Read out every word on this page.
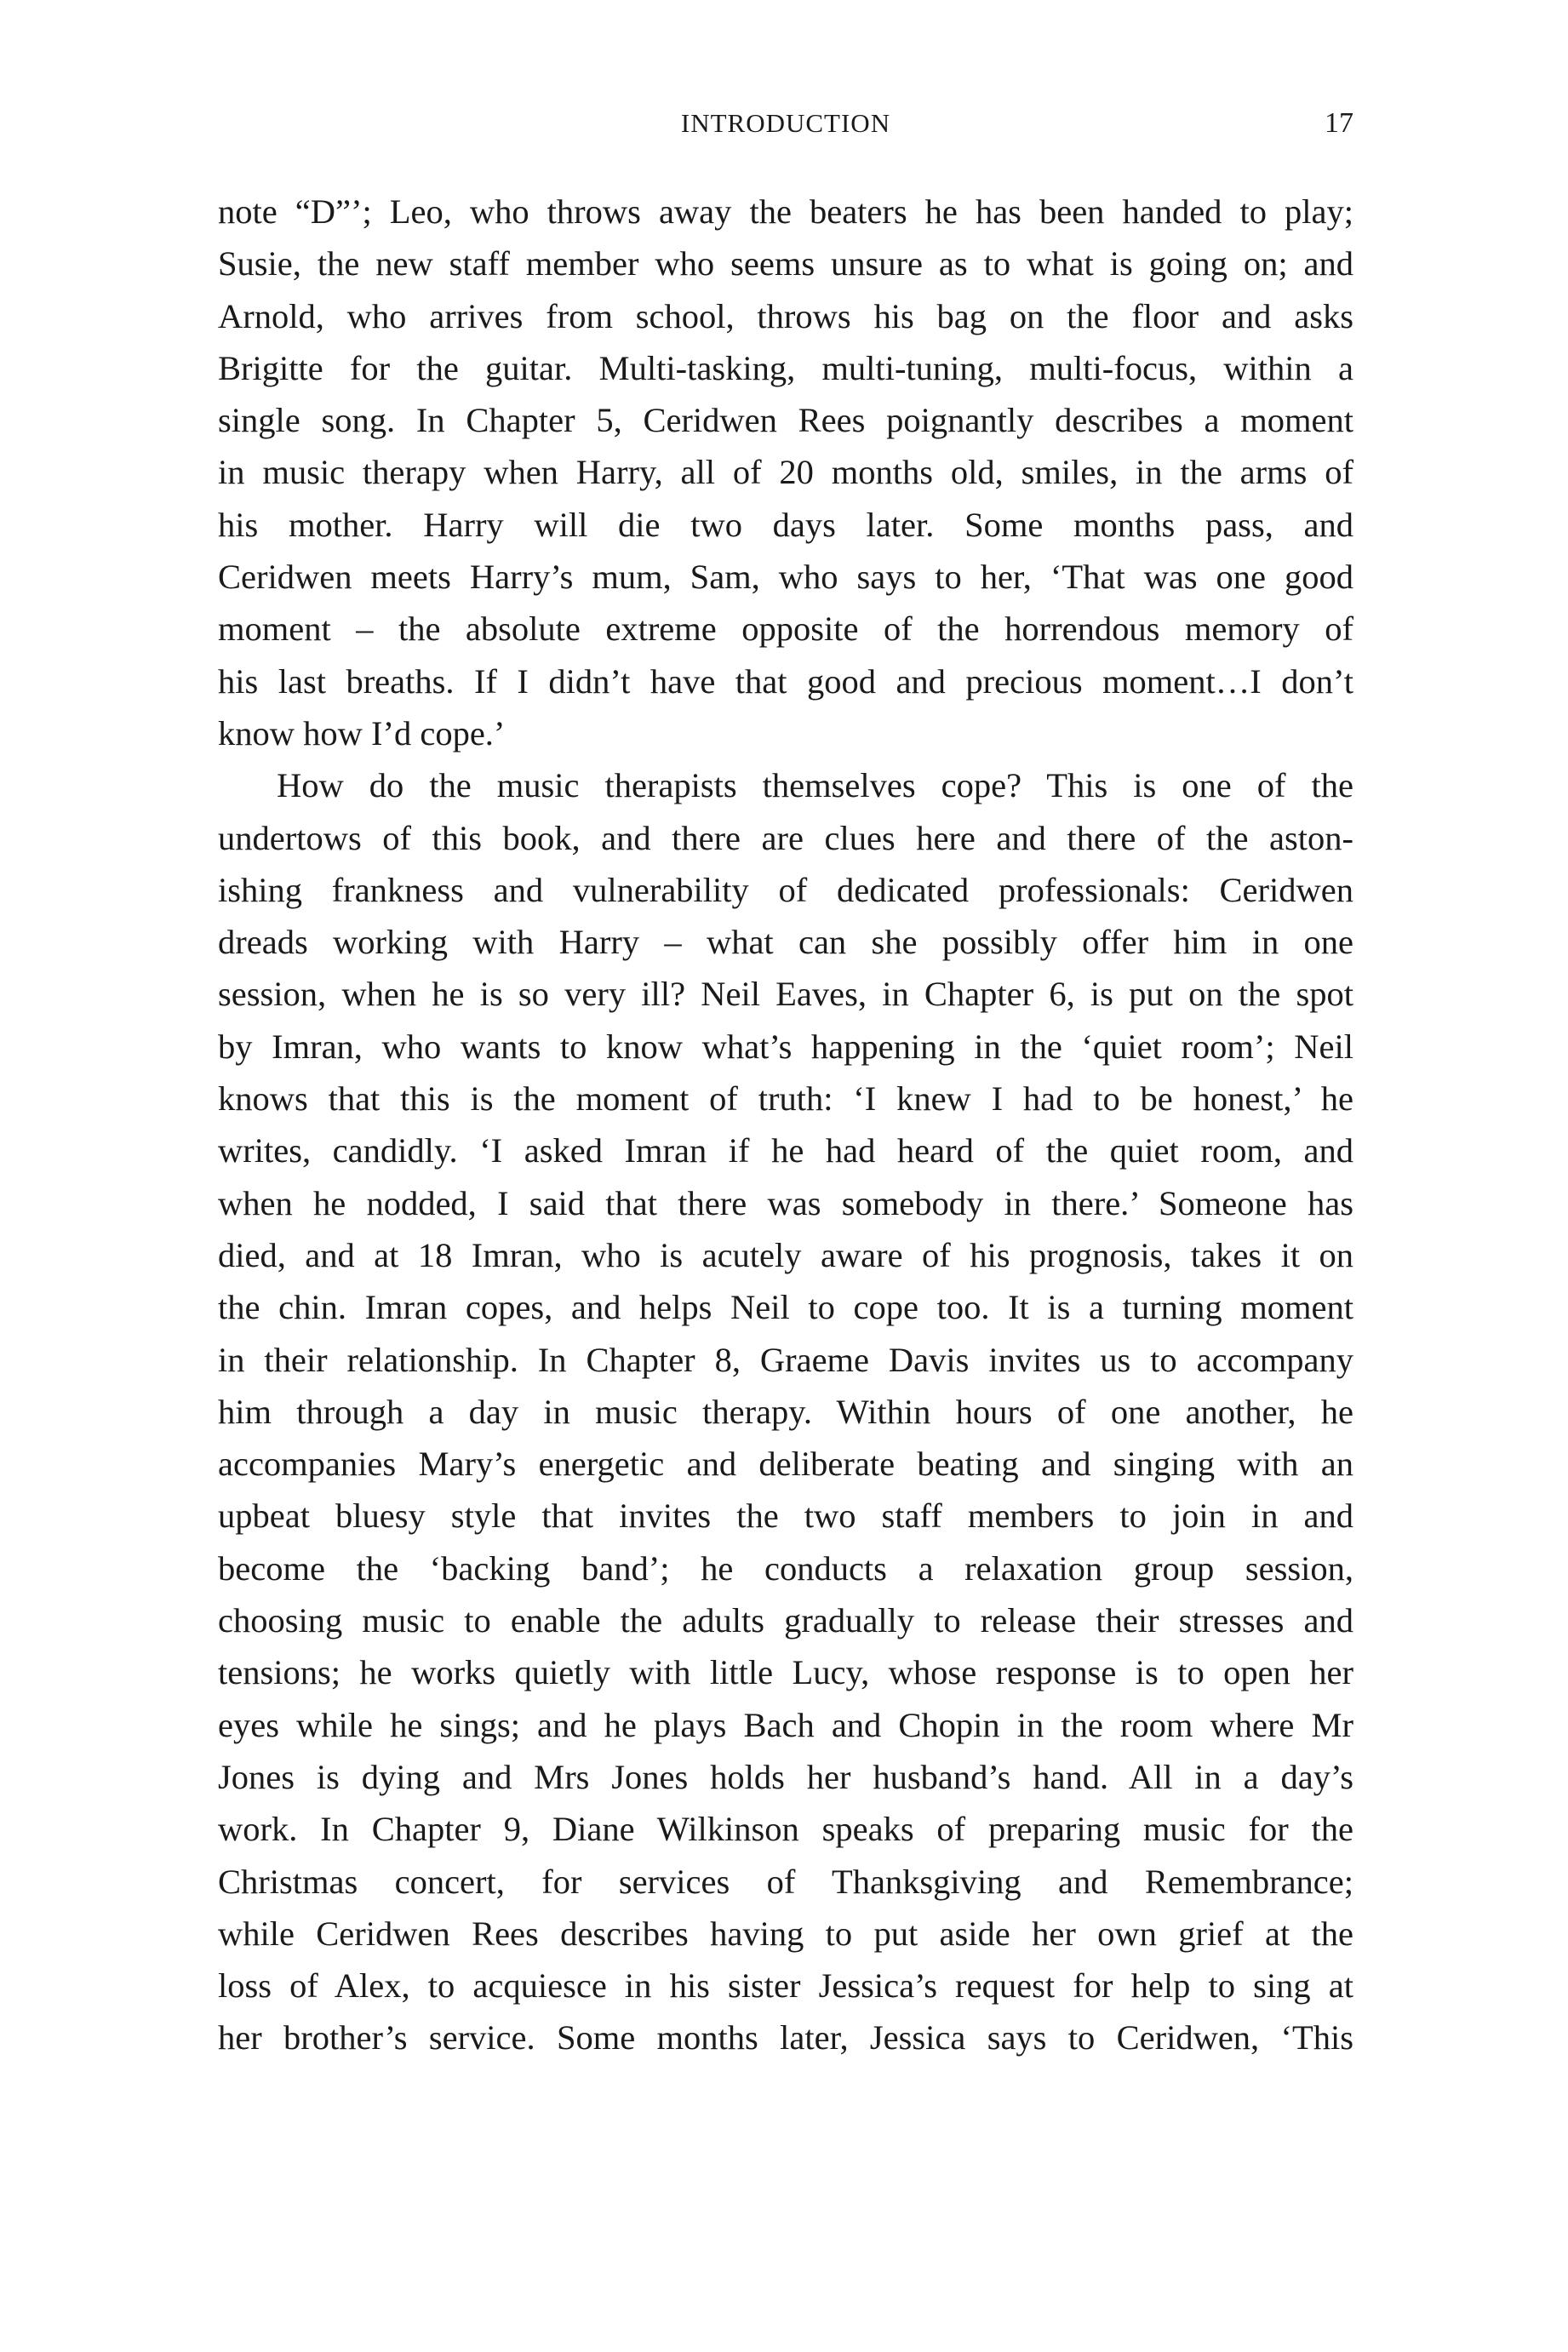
INTRODUCTION	17
note “D”’; Leo, who throws away the beaters he has been handed to play;
Susie, the new staff member who seems unsure as to what is going on; and
Arnold, who arrives from school, throws his bag on the floor and asks
Brigitte for the guitar. Multi-tasking, multi-tuning, multi-focus, within a
single song. In Chapter 5, Ceridwen Rees poignantly describes a moment
in music therapy when Harry, all of 20 months old, smiles, in the arms of
his mother. Harry will die two days later. Some months pass, and
Ceridwen meets Harry’s mum, Sam, who says to her, ‘That was one good
moment – the absolute extreme opposite of the horrendous memory of
his last breaths. If I didn’t have that good and precious moment…I don’t
know how I’d cope.’
How do the music therapists themselves cope? This is one of the
undertows of this book, and there are clues here and there of the aston-
ishing frankness and vulnerability of dedicated professionals: Ceridwen
dreads working with Harry – what can she possibly offer him in one
session, when he is so very ill? Neil Eaves, in Chapter 6, is put on the spot
by Imran, who wants to know what’s happening in the ‘quiet room’; Neil
knows that this is the moment of truth: ‘I knew I had to be honest,’ he
writes, candidly. ‘I asked Imran if he had heard of the quiet room, and
when he nodded, I said that there was somebody in there.’ Someone has
died, and at 18 Imran, who is acutely aware of his prognosis, takes it on
the chin. Imran copes, and helps Neil to cope too. It is a turning moment
in their relationship. In Chapter 8, Graeme Davis invites us to accompany
him through a day in music therapy. Within hours of one another, he
accompanies Mary’s energetic and deliberate beating and singing with an
upbeat bluesy style that invites the two staff members to join in and
become the ‘backing band’; he conducts a relaxation group session,
choosing music to enable the adults gradually to release their stresses and
tensions; he works quietly with little Lucy, whose response is to open her
eyes while he sings; and he plays Bach and Chopin in the room where Mr
Jones is dying and Mrs Jones holds her husband’s hand. All in a day’s
work. In Chapter 9, Diane Wilkinson speaks of preparing music for the
Christmas concert, for services of Thanksgiving and Remembrance;
while Ceridwen Rees describes having to put aside her own grief at the
loss of Alex, to acquiesce in his sister Jessica’s request for help to sing at
her brother’s service. Some months later, Jessica says to Ceridwen, ‘This
